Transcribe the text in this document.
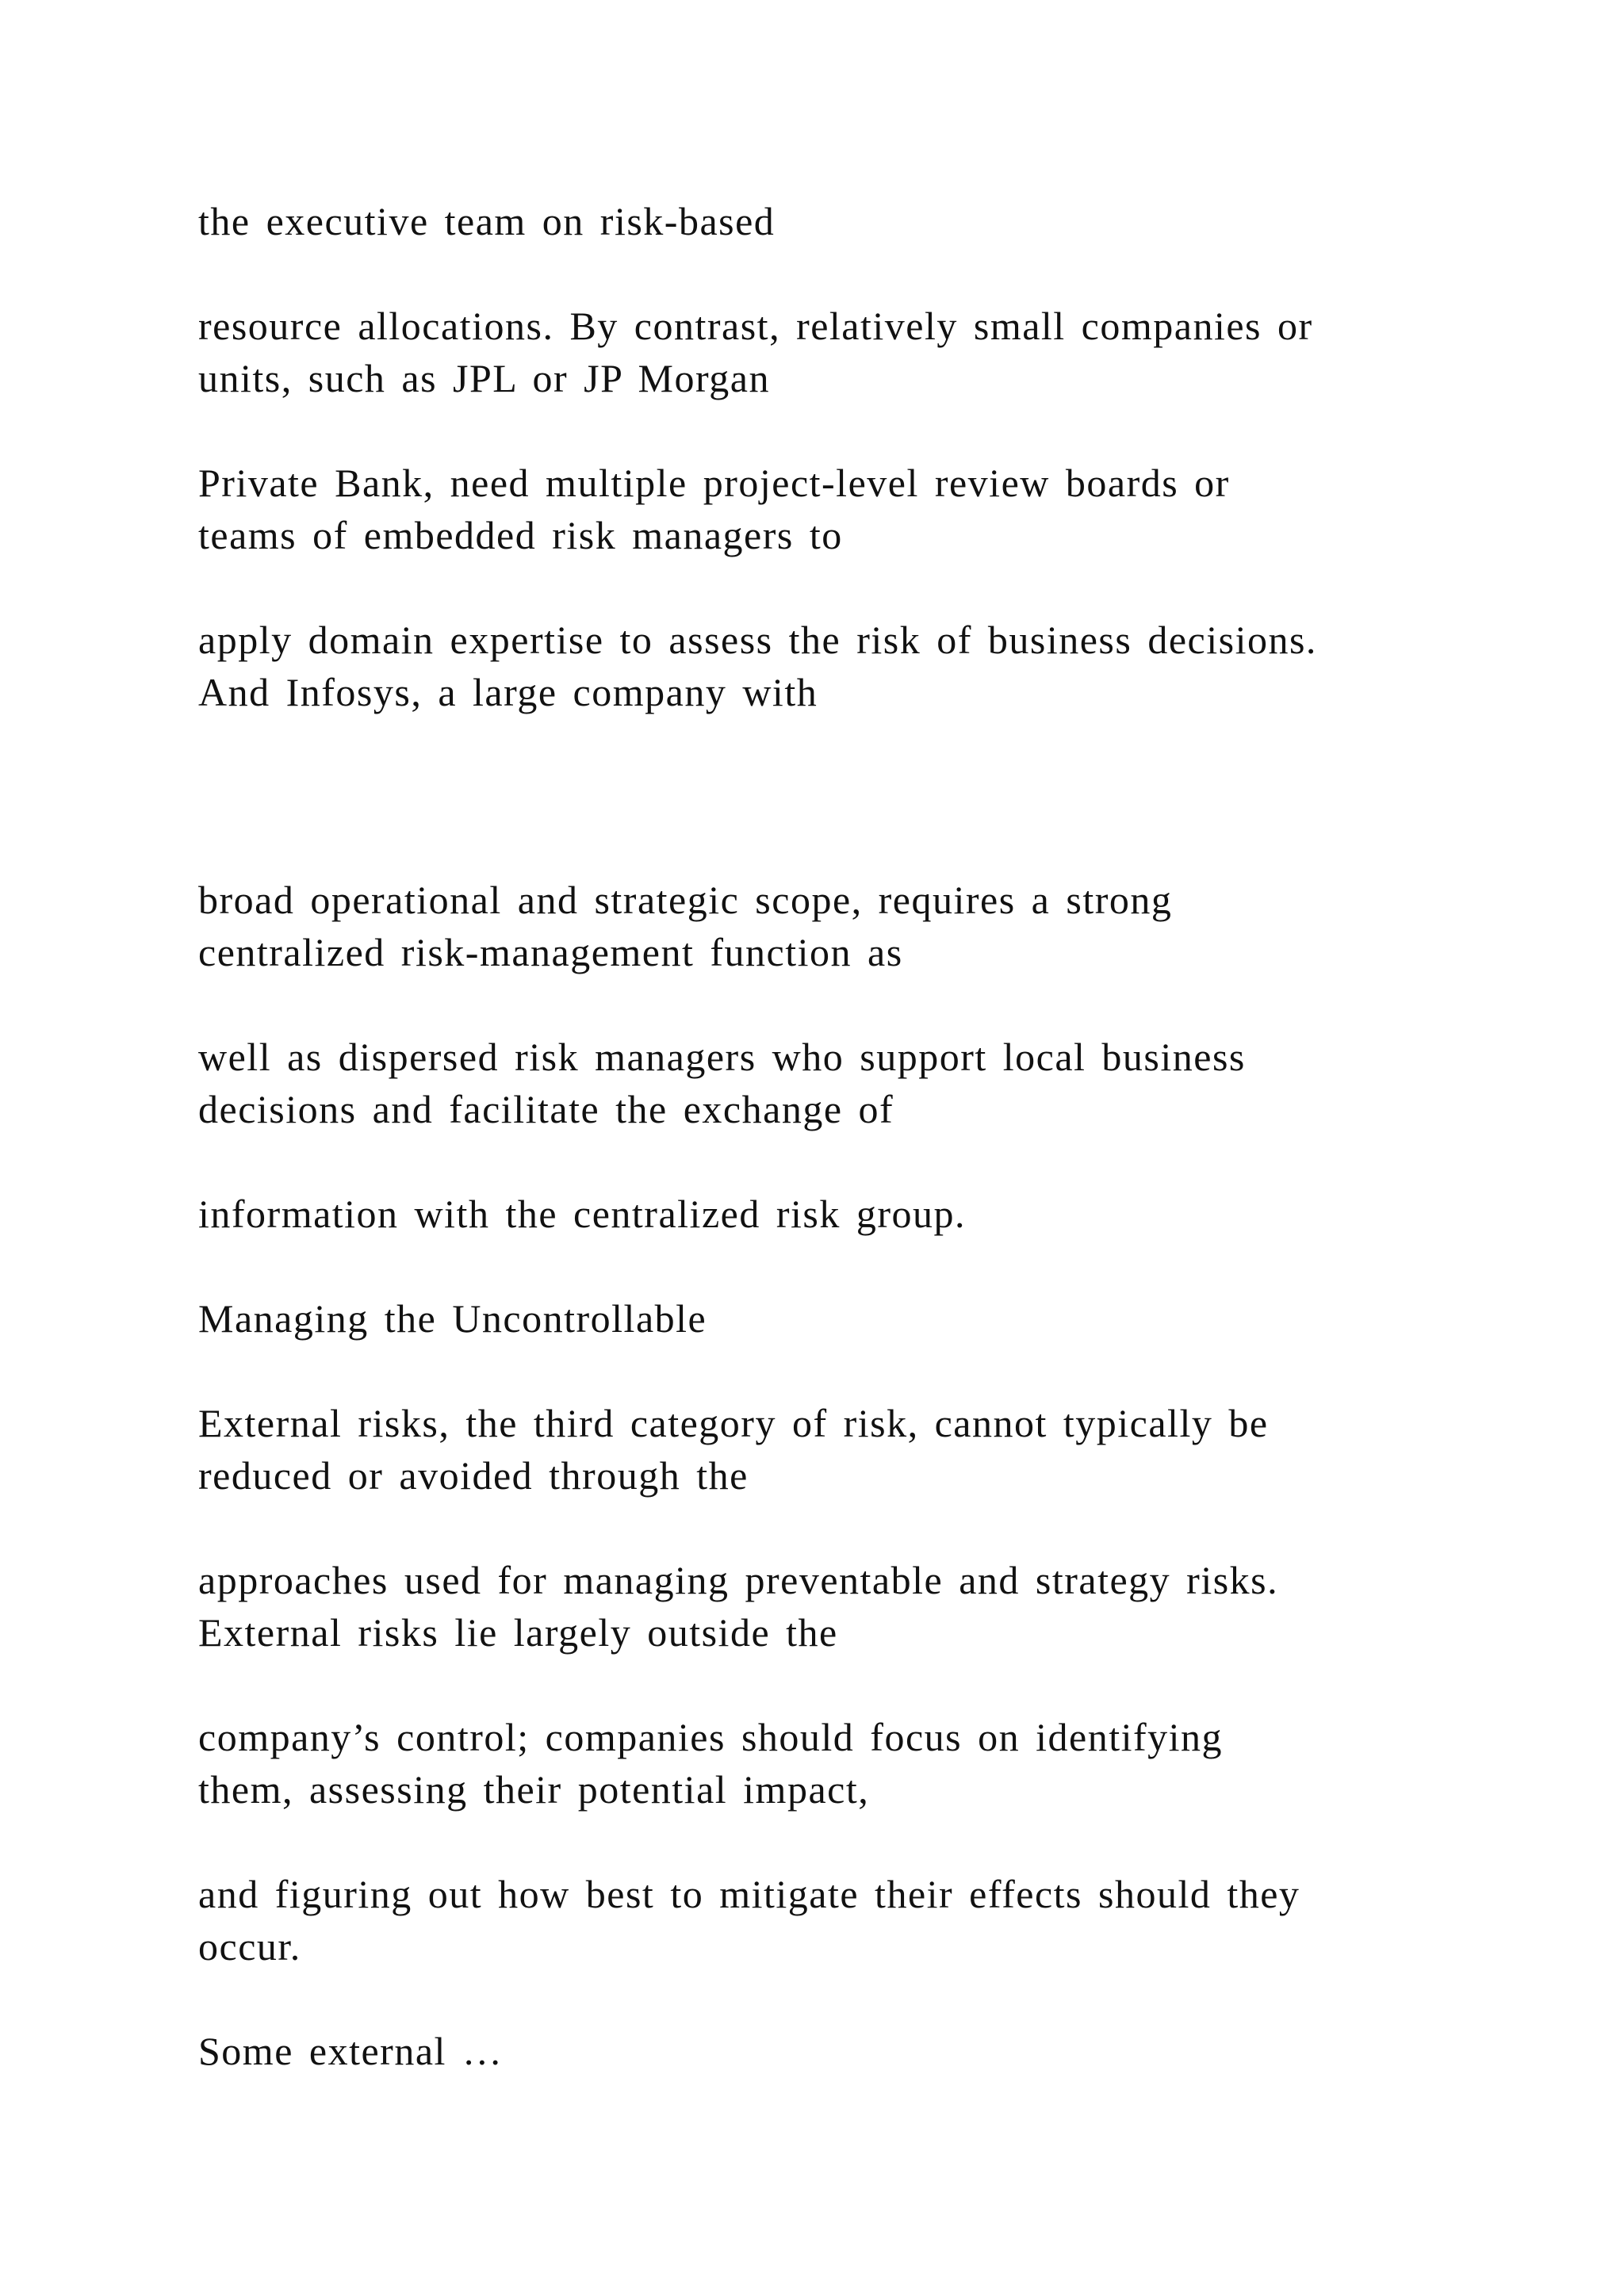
the executive team on risk-based

resource allocations. By contrast, relatively small companies or
units, such as JPL or JP Morgan

Private Bank, need multiple project-level review boards or
teams of embedded risk managers to

apply domain expertise to assess the risk of business decisions.
And Infosys, a large company with

broad operational and strategic scope, requires a strong
centralized risk-management function as

well as dispersed risk managers who support local business
decisions and facilitate the exchange of

information with the centralized risk group.

Managing the Uncontrollable

External risks, the third category of risk, cannot typically be
reduced or avoided through the

approaches used for managing preventable and strategy risks.
External risks lie largely outside the

company’s control; companies should focus on identifying
them, assessing their potential impact,

and figuring out how best to mitigate their effects should they
occur.

Some external …
